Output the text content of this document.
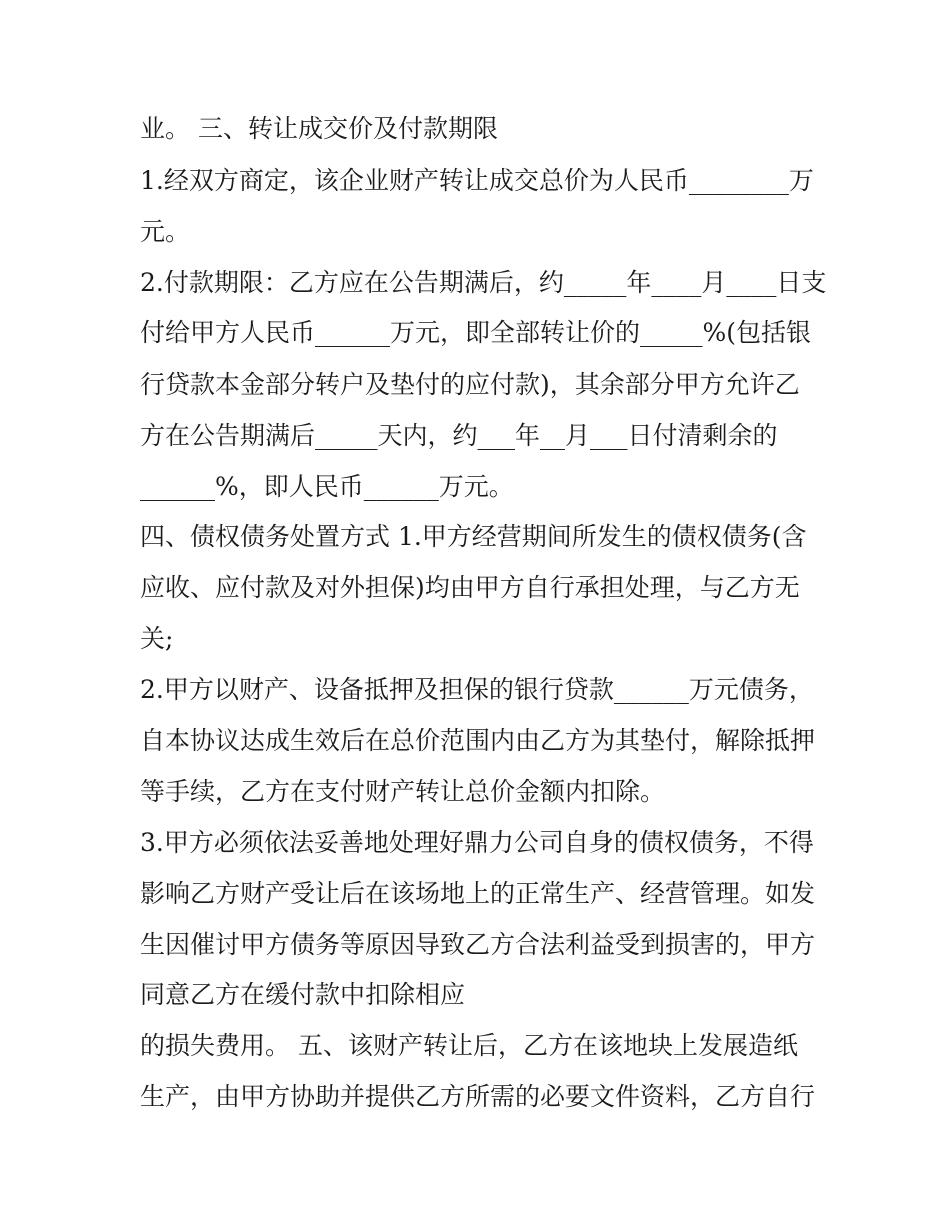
业。 三、转让成交价及付款期限

1.经双方商定，该企业财产转让成交总价为人民币________万

元。

2.付款期限：乙方应在公告期满后，约_____年____月____日支

付给甲方人民币______万元，即全部转让价的_____%(包括银

行贷款本金部分转户及垫付的应付款)，其余部分甲方允许乙

方在公告期满后_____天内，约___年__月___日付清剩余的

______%，即人民币______万元。

四、债权债务处置方式 1.甲方经营期间所发生的债权债务(含

应收、应付款及对外担保)均由甲方自行承担处理，与乙方无

关;

2.甲方以财产、设备抵押及担保的银行贷款______万元债务，

自本协议达成生效后在总价范围内由乙方为其垫付，解除抵押

等手续，乙方在支付财产转让总价金额内扣除。

3.甲方必须依法妥善地处理好鼎力公司自身的债权债务，不得

影响乙方财产受让后在该场地上的正常生产、经营管理。如发

生因催讨甲方债务等原因导致乙方合法利益受到损害的，甲方

同意乙方在缓付款中扣除相应

的损失费用。 五、该财产转让后，乙方在该地块上发展造纸

生产，由甲方协助并提供乙方所需的必要文件资料，乙方自行
